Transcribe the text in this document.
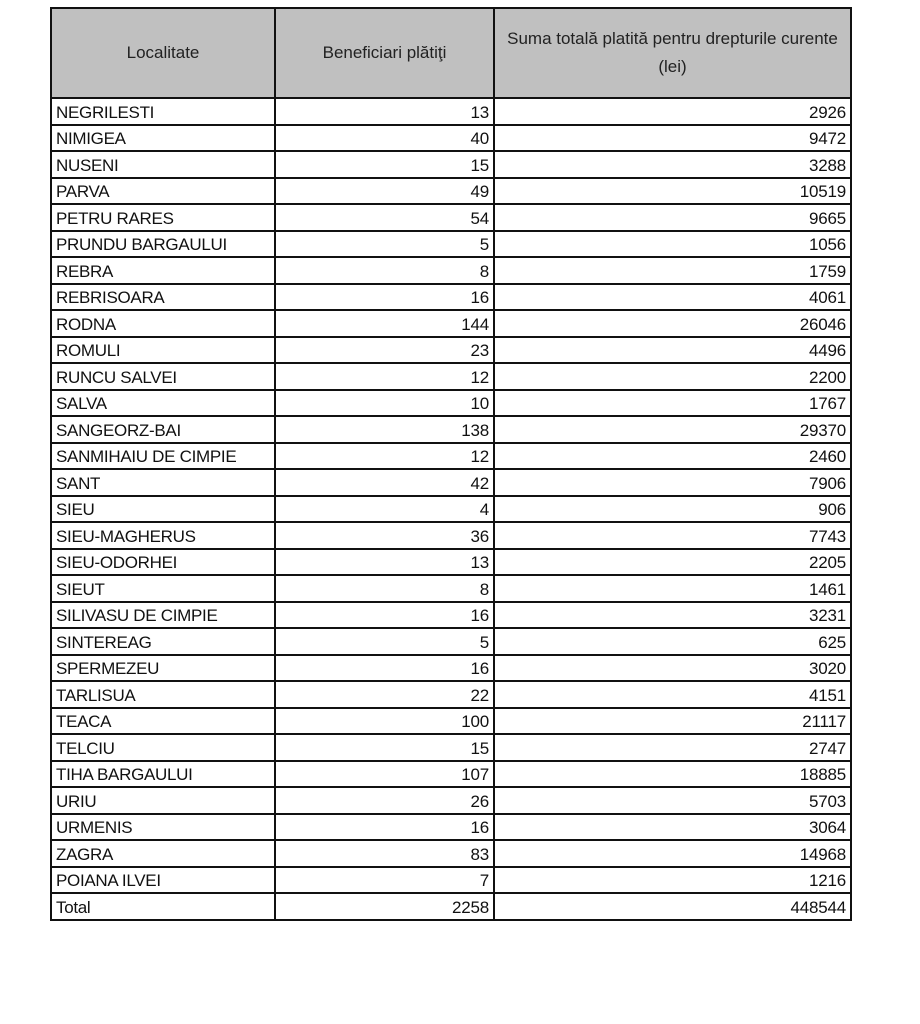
Localitate	Beneficiari plătiţi	Suma totală platită pentru drepturile curente (lei)
NEGRILESTI	13	2926
NIMIGEA	40	9472
NUSENI	15	3288
PARVA	49	10519
PETRU RARES	54	9665
PRUNDU BARGAULUI	5	1056
REBRA	8	1759
REBRISOARA	16	4061
RODNA	144	26046
ROMULI	23	4496
RUNCU SALVEI	12	2200
SALVA	10	1767
SANGEORZ-BAI	138	29370
SANMIHAIU DE CIMPIE	12	2460
SANT	42	7906
SIEU	4	906
SIEU-MAGHERUS	36	7743
SIEU-ODORHEI	13	2205
SIEUT	8	1461
SILIVASU DE CIMPIE	16	3231
SINTEREAG	5	625
SPERMEZEU	16	3020
TARLISUA	22	4151
TEACA	100	21117
TELCIU	15	2747
TIHA BARGAULUI	107	18885
URIU	26	5703
URMENIS	16	3064
ZAGRA	83	14968
POIANA ILVEI	7	1216
Total	2258	448544
